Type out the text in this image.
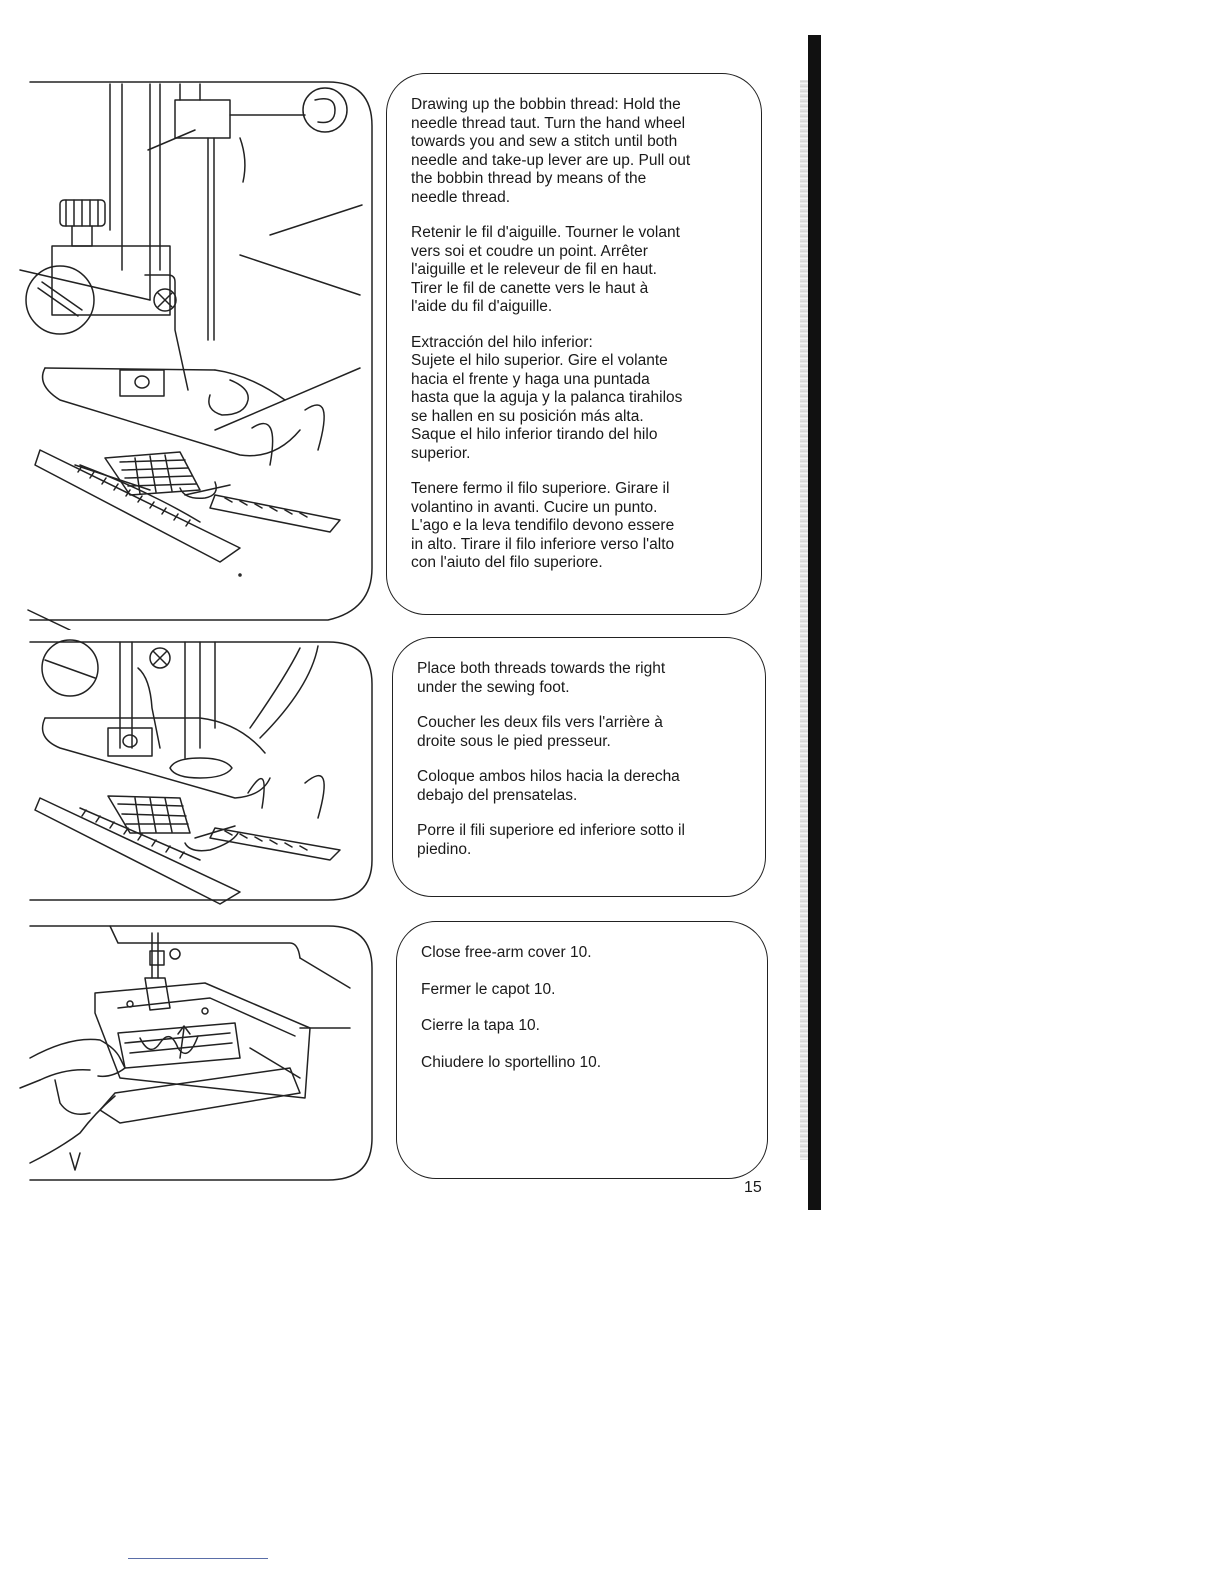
Drawing up the bobbin thread: Hold the
needle thread taut. Turn the hand wheel
towards you and sew a stitch until both
needle and take-up lever are up. Pull out
the bobbin thread by means of the
needle thread.

Retenir le fil d'aiguille. Tourner le volant
vers soi et coudre un point. Arrêter
l'aiguille et le releveur de fil en haut.
Tirer le fil de canette vers le haut à
l'aide du fil d'aiguille.

Extracción del hilo inferior:
Sujete el hilo superior. Gire el volante
hacia el frente y haga una puntada
hasta que la aguja y la palanca tirahilos
se hallen en su posición más alta.
Saque el hilo inferior tirando del hilo
superior.

Tenere fermo il filo superiore. Girare il
volantino in avanti. Cucire un punto.
L'ago e la leva tendifilo devono essere
in alto. Tirare il filo inferiore verso l'alto
con l'aiuto del filo superiore.

Place both threads towards the right
under the sewing foot.

Coucher les deux fils vers l'arrière à
droite sous le pied presseur.

Coloque ambos hilos hacia la derecha
debajo del prensatelas.

Porre il fili superiore ed inferiore sotto il
piedino.

Close free-arm cover 10.

Fermer le capot 10.

Cierre la tapa 10.

Chiudere lo sportellino 10.

15
